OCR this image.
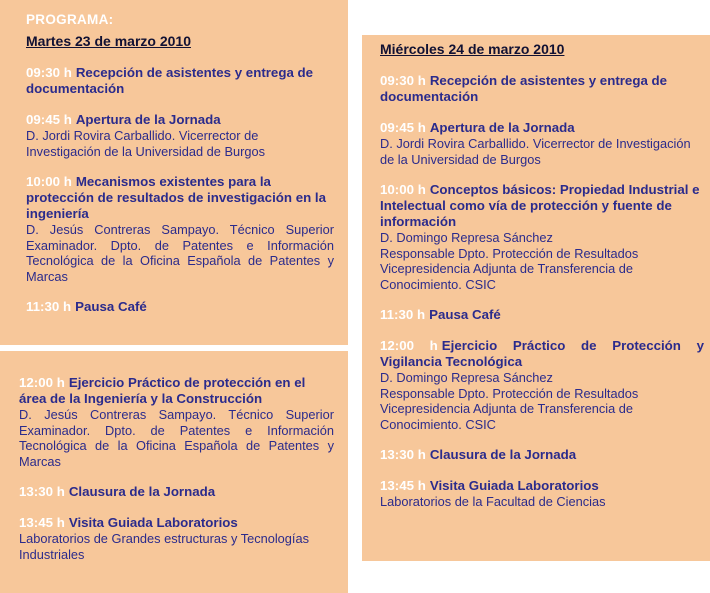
PROGRAMA:
Martes 23 de marzo 2010
09:30 h Recepción de asistentes y entrega de documentación
09:45 h Apertura de la Jornada
D. Jordi Rovira Carballido. Vicerrector de Investigación de la Universidad de Burgos
10:00 h Mecanismos existentes para la protección de resultados de investigación en la ingeniería
D. Jesús Contreras Sampayo. Técnico Superior Examinador. Dpto. de Patentes e Información Tecnológica de la Oficina Española de Patentes y Marcas
11:30 h Pausa Café
12:00 h Ejercicio Práctico de protección en el área de la Ingeniería y la Construcción
D. Jesús Contreras Sampayo. Técnico Superior Examinador. Dpto. de Patentes e Información Tecnológica de la Oficina Española de Patentes y Marcas
13:30 h Clausura de la Jornada
13:45 h Visita Guiada Laboratorios
Laboratorios de Grandes estructuras y Tecnologías Industriales
Miércoles 24 de marzo 2010
09:30 h Recepción de asistentes y entrega de documentación
09:45 h Apertura de la Jornada
D. Jordi Rovira Carballido. Vicerrector de Investigación de la Universidad de Burgos
10:00 h Conceptos básicos: Propiedad Industrial e Intelectual como vía de protección y fuente de información
D. Domingo Represa Sánchez
Responsable Dpto. Protección de Resultados Vicepresidencia Adjunta de Transferencia de Conocimiento. CSIC
11:30 h Pausa Café
12:00 h Ejercicio Práctico de Protección y Vigilancia Tecnológica
D. Domingo Represa Sánchez
Responsable Dpto. Protección de Resultados Vicepresidencia Adjunta de Transferencia de Conocimiento. CSIC
13:30 h Clausura de la Jornada
13:45 h Visita Guiada Laboratorios
Laboratorios de la Facultad de Ciencias
